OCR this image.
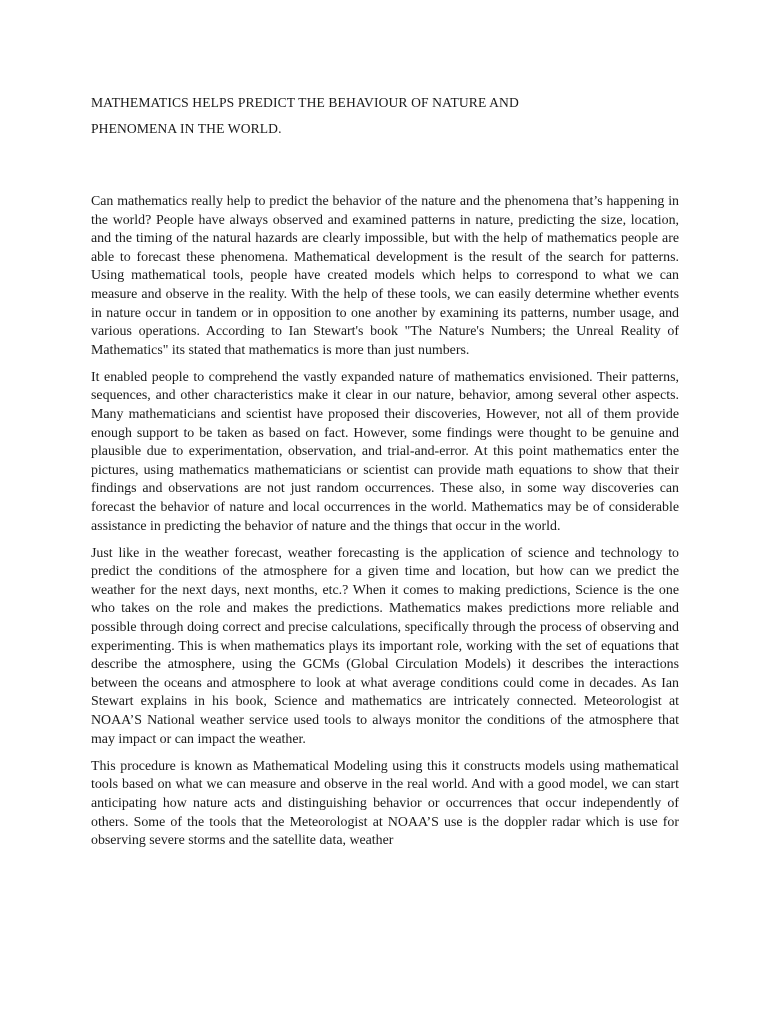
MATHEMATICS HELPS PREDICT THE BEHAVIOUR OF NATURE AND
PHENOMENA IN THE WORLD.

Can mathematics really help to predict the behavior of the nature and the phenomena that’s happening in the world? People have always observed and examined patterns in nature, predicting the size, location, and the timing of the natural hazards are clearly impossible, but with the help of mathematics people are able to forecast these phenomena. Mathematical development is the result of the search for patterns. Using mathematical tools, people have created models which helps to correspond to what we can measure and observe in the reality. With the help of these tools, we can easily determine whether events in nature occur in tandem or in opposition to one another by examining its patterns, number usage, and various operations. According to Ian Stewart's book "The Nature's Numbers; the Unreal Reality of Mathematics" its stated that mathematics is more than just numbers.

It enabled people to comprehend the vastly expanded nature of mathematics envisioned. Their patterns, sequences, and other characteristics make it clear in our nature, behavior, among several other aspects. Many mathematicians and scientist have proposed their discoveries, However, not all of them provide enough support to be taken as based on fact. However, some findings were thought to be genuine and plausible due to experimentation, observation, and trial-and-error. At this point mathematics enter the pictures, using mathematics mathematicians or scientist can provide math equations to show that their findings and observations are not just random occurrences. These also, in some way discoveries can forecast the behavior of nature and local occurrences in the world. Mathematics may be of considerable assistance in predicting the behavior of nature and the things that occur in the world.

Just like in the weather forecast, weather forecasting is the application of science and technology to predict the conditions of the atmosphere for a given time and location, but how can we predict the weather for the next days, next months, etc.? When it comes to making predictions, Science is the one who takes on the role and makes the predictions. Mathematics makes predictions more reliable and possible through doing correct and precise calculations, specifically through the process of observing and experimenting. This is when mathematics plays its important role, working with the set of equations that describe the atmosphere, using the GCMs (Global Circulation Models) it describes the interactions between the oceans and atmosphere to look at what average conditions could come in decades. As Ian Stewart explains in his book, Science and mathematics are intricately connected. Meteorologist at NOAA’S National weather service used tools to always monitor the conditions of the atmosphere that may impact or can impact the weather.

This procedure is known as Mathematical Modeling using this it constructs models using mathematical tools based on what we can measure and observe in the real world. And with a good model, we can start anticipating how nature acts and distinguishing behavior or occurrences that occur independently of others. Some of the tools that the Meteorologist at NOAA’S use is the doppler radar which is use for observing severe storms and the satellite data, weather
